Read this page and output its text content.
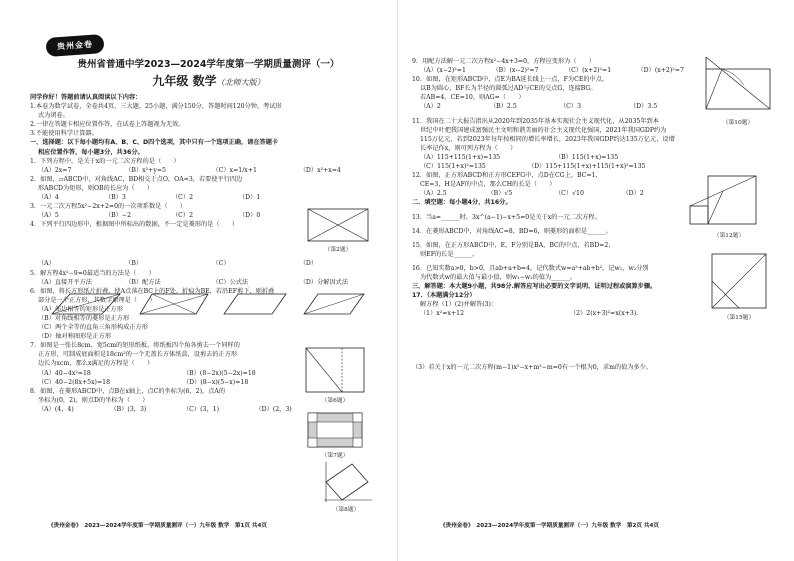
贵州金卷
贵州省普通中学2023—2024学年度第一学期质量测评（一）
九年级 数学（北师大版）
同学你好！答题前请认真阅读以下内容：
1.本卷为数学试卷，全卷共4页，三大题，25小题，满分150分，答题时间120分钟，考试形
式为闭卷。
2.一律在答题卡相应位置作答，在试卷上答题视为无效。
3.不能使用科学计算器。
一、选择题：以下每小题均有A、B、C、D四个选项，其中只有一个选项正确，请在答题卡
相应位置作答，每小题3分，共36分。
1．下列方程中，是关于x的一元二次方程的是（　　）
（A）2x=7	（B）x²+y=5	（C）x=1/x+1	（D）x²+x=4
2．如图，▱ABCD中，对角线AC，BD相交于点O，OA=3，若要使平行四边
形ABCD为矩形，则OB的长应为（　　）
（A）4	（B）3	（C）2	（D）1
3．一元二次方程5x²−2x+2=0的一次项系数是（　　）
（A）5	（B）−2	（C）2	（D）0
4．下列平行四边形中，根据图中所标出的数据，不一定是菱形的是（　　）
（A）	（B）	（C）	（D）
5．解方程4x²−9=0最适当的方法是（　　）
（A）直接开平方法	（B）配方法	（C）公式法	（D）分解因式法
6．如图，将长方形纸片折叠，使A点落在BC上的F处，折痕为BE，若沿EF剪下，则折叠
部分是一个正方形，其数学原理是（　　）
（A）邻边相等的矩形是正方形
（B）对角线相等的菱形是正方形
（C）两个全等的直角三角形构成正方形
（D）轴对称图形是正方形
7．如图是一张长8cm、宽5cm的矩形纸板，将纸板四个角各剪去一个同样的
正方形，可制成底面积是18cm²的一个无盖长方体纸盒，设剪去的正方形
边长为xcm，那么x满足的方程是（　　）
（A）40−4x²=18	（B）(8−2x)(5−2x)=18
（C）40−2(8x+5x)=18	（D）(8−x)(5−x)=18
8．如图，在菱形ABCD中，点B在x轴上，点C的坐标为(6，2)，点A的
坐标为(0，2)，则点D的坐标为（　　）
（A）(4，4)	（B）(3，3)	（C）(3，1)	（D）(2，3)
（第2题）
（第6题）
（第7题）
（第8题）
《贵州金卷》　2023—2024学年度第一学期质量测评（一）九年级 数学　第1页 共4页
9．用配方法解一元二次方程x²−4x+3=0，方程应变形为（　　）
（A）(x−2)²=1	（B）(x−2)²=7	（C）(x+2)²=1	（D）(x+2)²=7
10．如图，在矩形ABCD中，点E为BA延长线上一点，F为CE的中点，
以B为圆心，BF长为半径的圆弧过AD与CE的交点G，连接BG。
若AB=4，CE=10，则AG=（　　）
（A）2	（B）2.5	（C）3	（D）3.5
11．我国在二十大报告指出从2020年到2035年基本实现社会主义现代化，从2035年到本
世纪中叶把我国建成富强民主文明和谐美丽的社会主义现代化强国，2021年我国GDP约为
115万亿元，若到2023年每年按相同的增长率增长，2023年我国GDP约达135万亿元，设增
长率记作x，则可列方程为（　　）
（A）115+115(1+x)=135	（B）115(1+x)=135
（C）115(1+x)²=135	（D）115+115(1+x)+115(1+x)²=135
12．如图，正方形ABCD和正方形CEFG中，点D在CG上，BC=1，
CE=3，H是AF的中点，那么CH的长是（　　）
（A）2.5	（B）√5	（C）√10	（D）2
二、填空题：每小题4分，共16分。
13．当a=______时，3x^(a−1)−x+5=0是关于x的一元二次方程。
14．在菱形ABCD中，对角线AC=8，BD=6，则菱形的面积是______。
15．如图，在正方形ABCD中，E，F分别是BA，BC的中点，若BD=2，
则EF的长是______。
16．已知实数a>0，b>0，且ab+a+b=4，记代数式w=a²+ab+b²，记w₁，w₂分别
为代数式w的最大值与最小值，则w₁−w₂的值为______。
三、解答题：本大题9小题，共98分.解答应写出必要的文字说明、证明过程或演算步骤。
17．（本题满分12分）
解方程（1）(2)并解答(3)：
（1）x²=x+12	（2）2(x+3)²=x(x+3)．
（3）若关于x的一元二次方程(m−1)x²−x+m²−m=0有一个根为0，求m的值为多少。
（第10题）
（第12题）
（第15题）
《贵州金卷》　2023—2024学年度第一学期质量测评（一）九年级 数学　第2页 共4页
